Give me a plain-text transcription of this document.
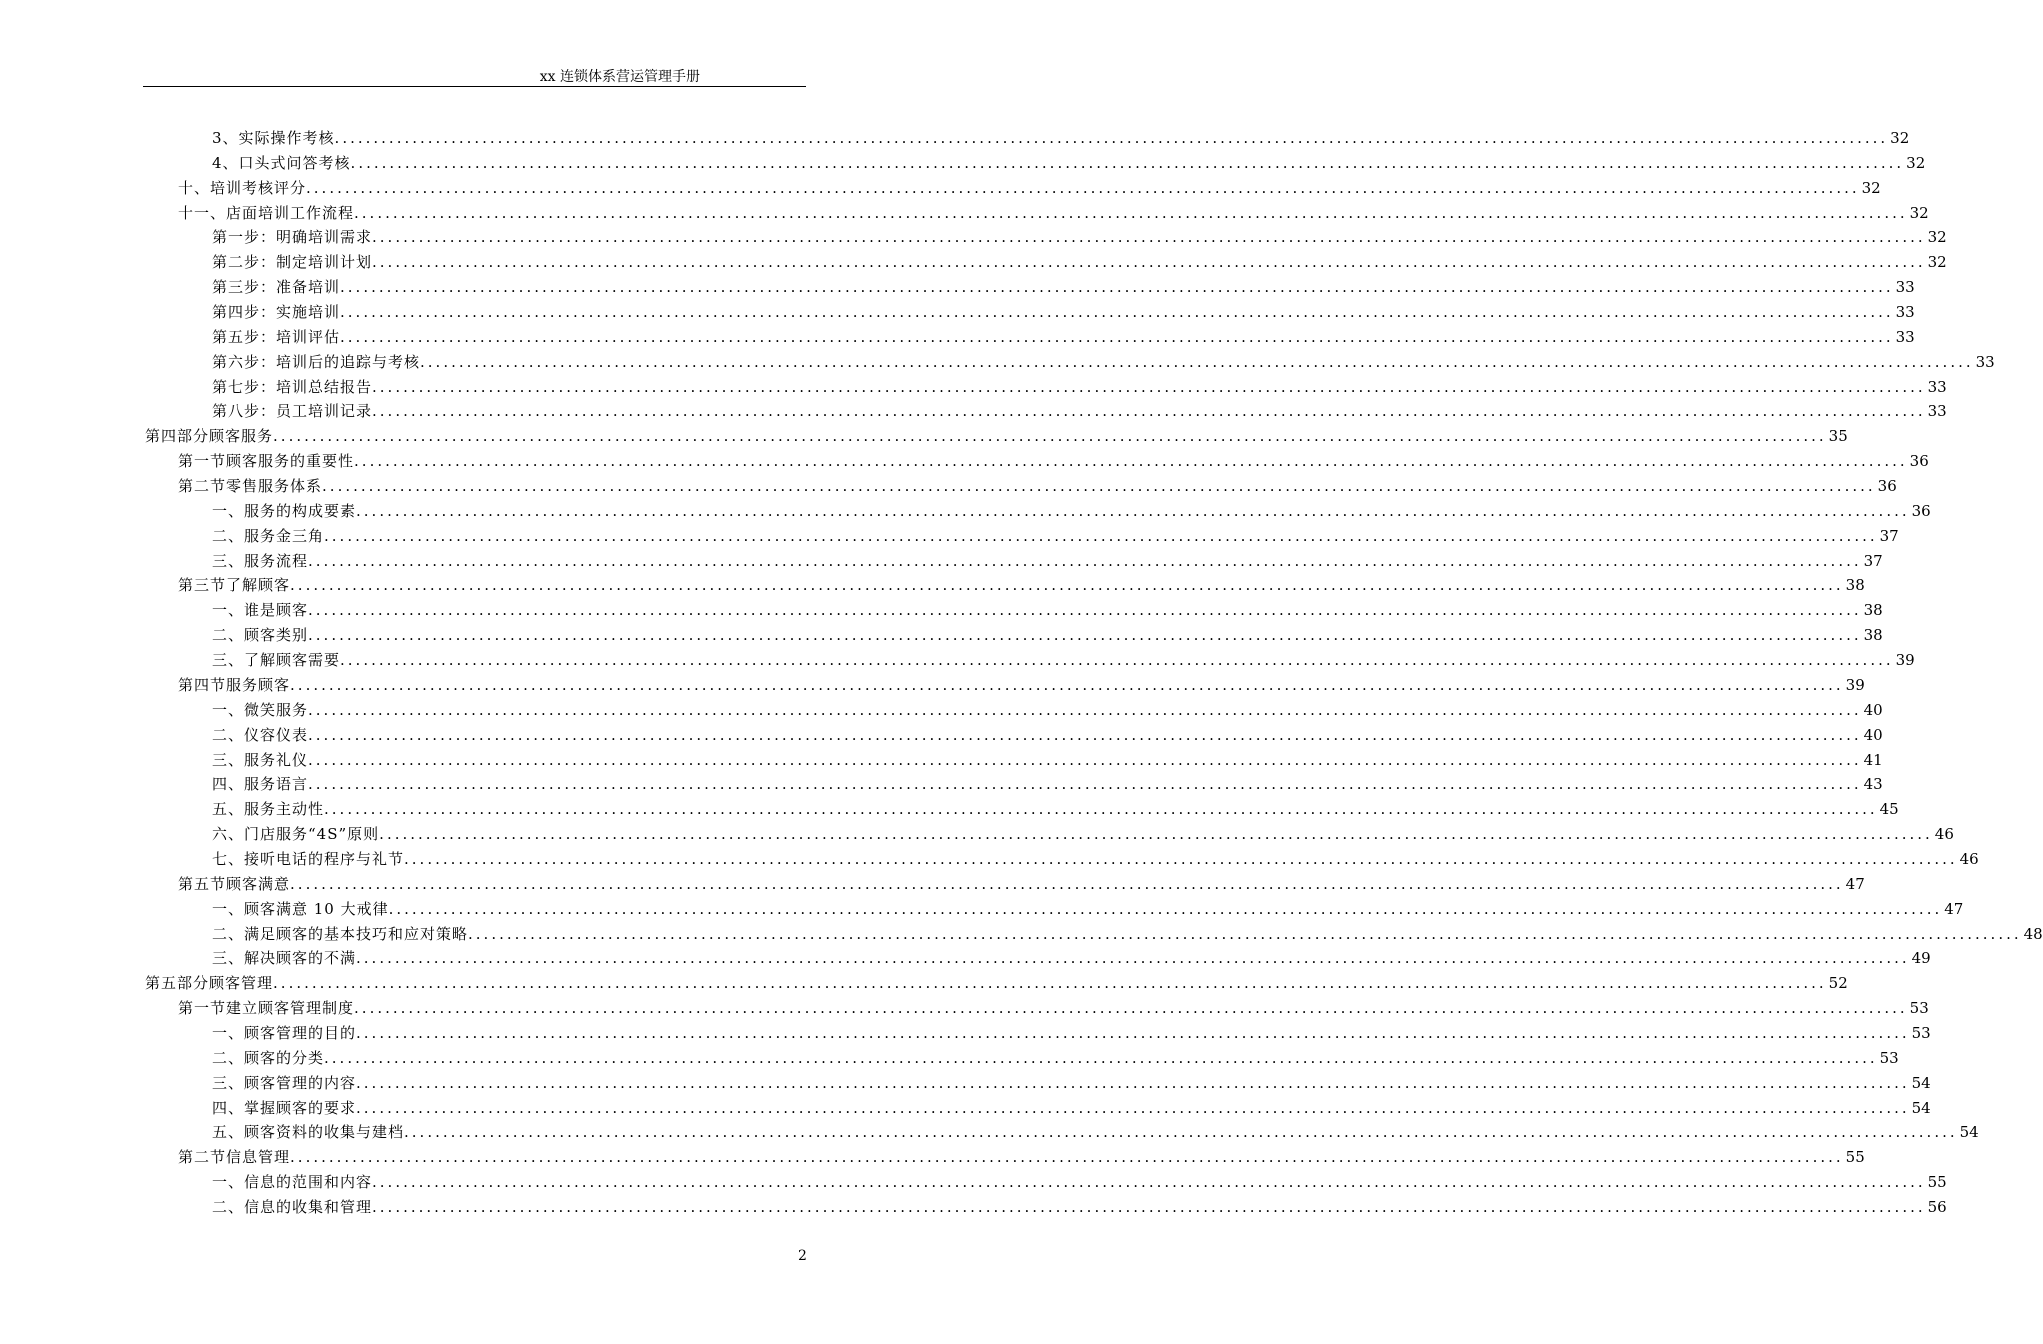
xx 连锁体系营运管理手册
3、实际操作考核 ........................................................................................................................................................................................................ 32
4、口头式问答考核 ........................................................................................................................................................................................................ 32
十、培训考核评分 ........................................................................................................................................................................................................ 32
十一、店面培训工作流程 ........................................................................................................................................................................................................ 32
第一步：明确培训需求 ........................................................................................................................................................................................................ 32
第二步：制定培训计划 ........................................................................................................................................................................................................ 32
第三步：准备培训 ........................................................................................................................................................................................................ 33
第四步：实施培训 ........................................................................................................................................................................................................ 33
第五步：培训评估 ........................................................................................................................................................................................................ 33
第六步：培训后的追踪与考核 ........................................................................................................................................................................................................ 33
第七步：培训总结报告 ........................................................................................................................................................................................................ 33
第八步：员工培训记录 ........................................................................................................................................................................................................ 33
第四部分 顾客服务 ........................................................................................................................................................................................................ 35
第一节 顾客服务的重要性 ........................................................................................................................................................................................................ 36
第二节 零售服务体系 ........................................................................................................................................................................................................ 36
一、服务的构成要素 ........................................................................................................................................................................................................ 36
二、服务金三角 ........................................................................................................................................................................................................ 37
三、服务流程 ........................................................................................................................................................................................................ 37
第三节 了解顾客 ........................................................................................................................................................................................................ 38
一、谁是顾客 ........................................................................................................................................................................................................ 38
二、顾客类别 ........................................................................................................................................................................................................ 38
三、了解顾客需要 ........................................................................................................................................................................................................ 39
第四节 服务顾客 ........................................................................................................................................................................................................ 39
一、微笑服务 ........................................................................................................................................................................................................ 40
二、仪容仪表 ........................................................................................................................................................................................................ 40
三、服务礼仪 ........................................................................................................................................................................................................ 41
四、服务语言 ........................................................................................................................................................................................................ 43
五、服务主动性 ........................................................................................................................................................................................................ 45
六、门店服务“4S”原则 ........................................................................................................................................................................................................ 46
七、接听电话的程序与礼节 ........................................................................................................................................................................................................ 46
第五节 顾客满意 ........................................................................................................................................................................................................ 47
一、顾客满意 10 大戒律 ........................................................................................................................................................................................................ 47
二、满足顾客的基本技巧和应对策略 ........................................................................................................................................................................................................ 48
三、解决顾客的不满 ........................................................................................................................................................................................................ 49
第五部分 顾客管理 ........................................................................................................................................................................................................ 52
第一节 建立顾客管理制度 ........................................................................................................................................................................................................ 53
一、顾客管理的目的 ........................................................................................................................................................................................................ 53
二、顾客的分类 ........................................................................................................................................................................................................ 53
三、顾客管理的内容 ........................................................................................................................................................................................................ 54
四、掌握顾客的要求 ........................................................................................................................................................................................................ 54
五、顾客资料的收集与建档 ........................................................................................................................................................................................................ 54
第二节 信息管理 ........................................................................................................................................................................................................ 55
一、信息的范围和内容 ........................................................................................................................................................................................................ 55
二、信息的收集和管理 ........................................................................................................................................................................................................ 56
2
